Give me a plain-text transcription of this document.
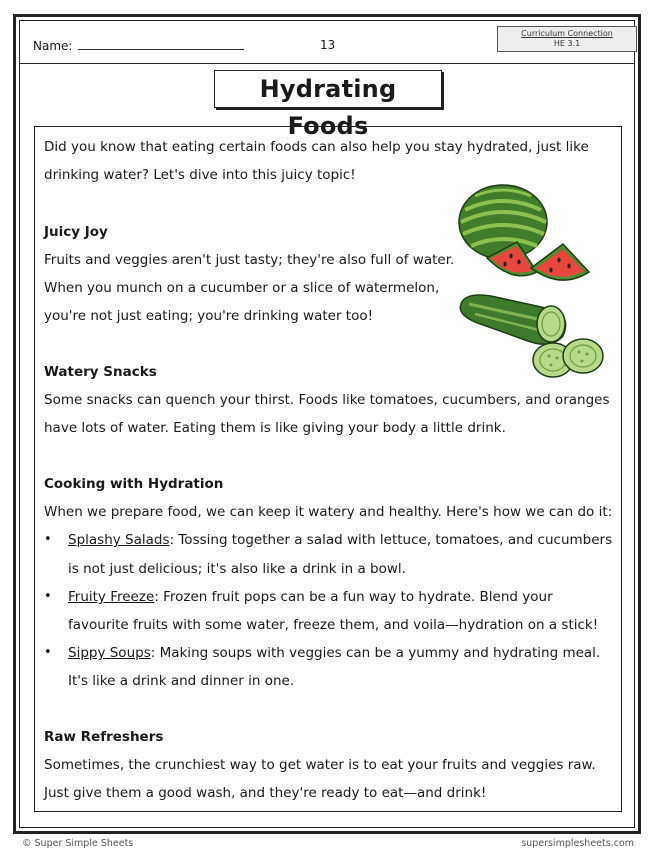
Name:	13
Curriculum Connection
HE 3.1
Hydrating Foods
Did you know that eating certain foods can also help you stay hydrated, just like
drinking water? Let's dive into this juicy topic!
Juicy Joy
Fruits and veggies aren't just tasty; they're also full of water.
When you munch on a cucumber or a slice of watermelon,
you're not just eating; you're drinking water too!
Watery Snacks
Some snacks can quench your thirst. Foods like tomatoes, cucumbers, and oranges
have lots of water. Eating them is like giving your body a little drink.
Cooking with Hydration
When we prepare food, we can keep it watery and healthy. Here's how we can do it:
• Splashy Salads: Tossing together a salad with lettuce, tomatoes, and cucumbers
is not just delicious; it's also like a drink in a bowl.
• Fruity Freeze: Frozen fruit pops can be a fun way to hydrate. Blend your
favourite fruits with some water, freeze them, and voila—hydration on a stick!
• Sippy Soups: Making soups with veggies can be a yummy and hydrating meal.
It's like a drink and dinner in one.
Raw Refreshers
Sometimes, the crunchiest way to get water is to eat your fruits and veggies raw.
Just give them a good wash, and they're ready to eat—and drink!
© Super Simple Sheets	supersimplesheets.com
